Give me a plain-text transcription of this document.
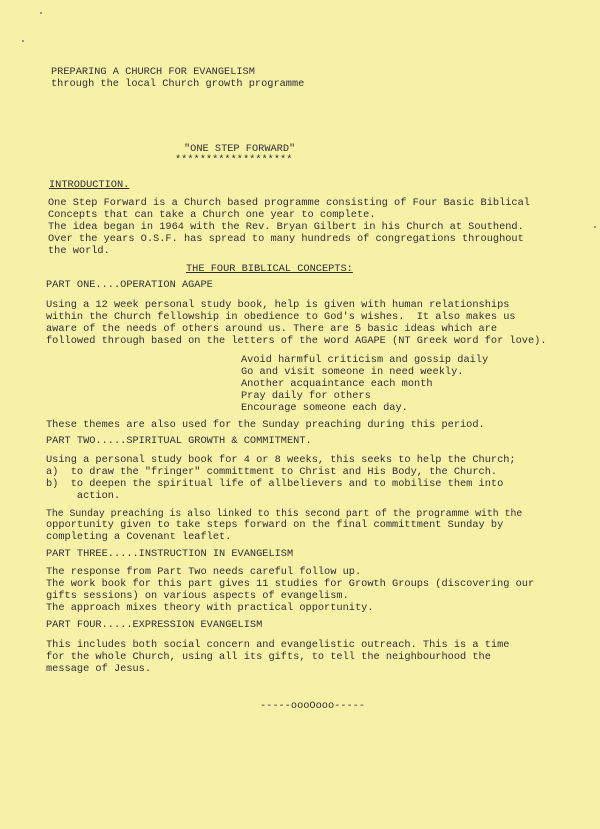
PREPARING A CHURCH FOR EVANGELISM
through the local Church growth programme
"ONE STEP FORWARD"
*******************
INTRODUCTION.
One Step Forward is a Church based programme consisting of Four Basic Biblical
Concepts that can take a Church one year to complete.
The idea began in 1964 with the Rev. Bryan Gilbert in his Church at Southend.
Over the years O.S.F. has spread to many hundreds of congregations throughout
the world.
THE FOUR BIBLICAL CONCEPTS:
PART ONE....OPERATION AGAPE
Using a 12 week personal study book, help is given with human relationships
within the Church fellowship in obedience to God's wishes.  It also makes us
aware of the needs of others around us. There are 5 basic ideas which are
followed through based on the letters of the word AGAPE (NT Greek word for love).
Avoid harmful criticism and gossip daily
Go and visit someone in need weekly.
Another acquaintance each month
Pray daily for others
Encourage someone each day.
These themes are also used for the Sunday preaching during this period.
PART TWO.....SPIRITUAL GROWTH & COMMITMENT.
Using a personal study book for 4 or 8 weeks, this seeks to help the Church;
a)  to draw the "fringer" committment to Christ and His Body, the Church.
b)  to deepen the spiritual life of allbelievers and to mobilise them into
action.
The Sunday preaching is also linked to this second part of the programme with the
opportunity given to take steps forward on the final committment Sunday by
completing a Covenant leaflet.
PART THREE.....INSTRUCTION IN EVANGELISM
The response from Part Two needs careful follow up.
The work book for this part gives 11 studies for Growth Groups (discovering our
gifts sessions) on various aspects of evangelism.
The approach mixes theory with practical opportunity.
PART FOUR.....EXPRESSION EVANGELISM
This includes both social concern and evangelistic outreach. This is a time
for the whole Church, using all its gifts, to tell the neighbourhood the
message of Jesus.
-----oooOooo-----
